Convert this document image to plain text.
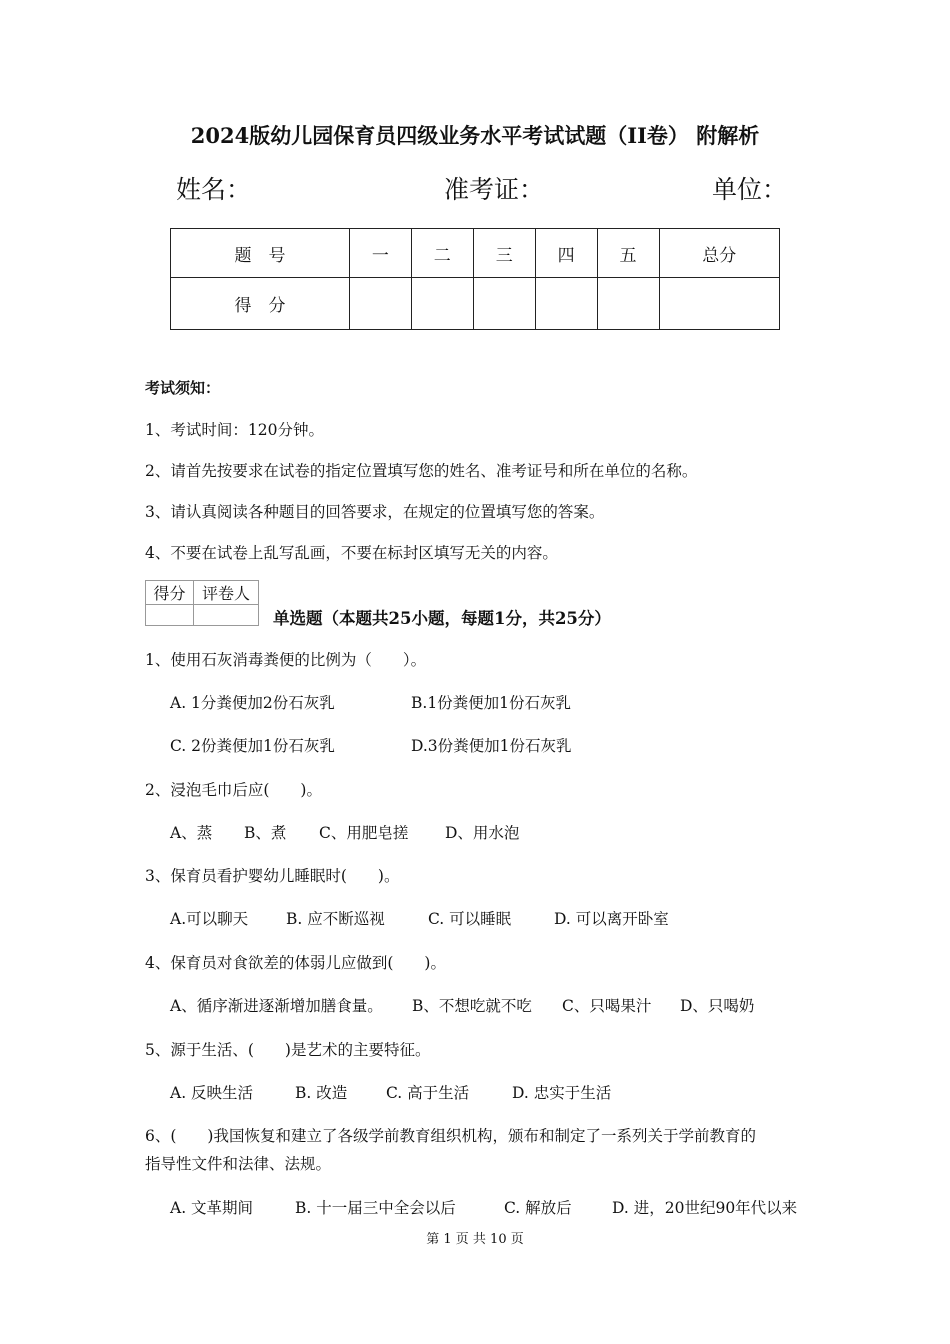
2024版幼儿园保育员四级业务水平考试试题（II卷） 附解析
姓名：	准考证：	单位：
题　号	一	二	三	四	五	总分
得　分						
考试须知：
1、考试时间：120分钟。
2、请首先按要求在试卷的指定位置填写您的姓名、准考证号和所在单位的名称。
3、请认真阅读各种题目的回答要求，在规定的位置填写您的答案。
4、不要在试卷上乱写乱画，不要在标封区填写无关的内容。
得分	评卷人

单选题（本题共25小题，每题1分，共25分）
1、使用石灰消毒粪便的比例为（　　）。
A. 1分粪便加2份石灰乳	B.1份粪便加1份石灰乳
C. 2份粪便加1份石灰乳	D.3份粪便加1份石灰乳
2、浸泡毛巾后应(　　)。
A、蒸 B、煮 C、用肥皂搓 D、用水泡
3、保育员看护婴幼儿睡眠时(　　)。
A.可以聊天 B. 应不断巡视	C. 可以睡眠	D. 可以离开卧室
4、保育员对食欲差的体弱儿应做到(　　)。
A、循序渐进逐渐增加膳食量。 B、不想吃就不吃 C、只喝果汁 D、只喝奶
5、源于生活、(　　)是艺术的主要特征。
A. 反映生活	B. 改造	C. 高于生活	D. 忠实于生活
6、(　　)我国恢复和建立了各级学前教育组织机构，颁布和制定了一系列关于学前教育的
指导性文件和法律、法规。
A. 文革期间	B. 十一届三中全会以后	C. 解放后	D. 进，20世纪90年代以来
第 1 页 共 10 页
